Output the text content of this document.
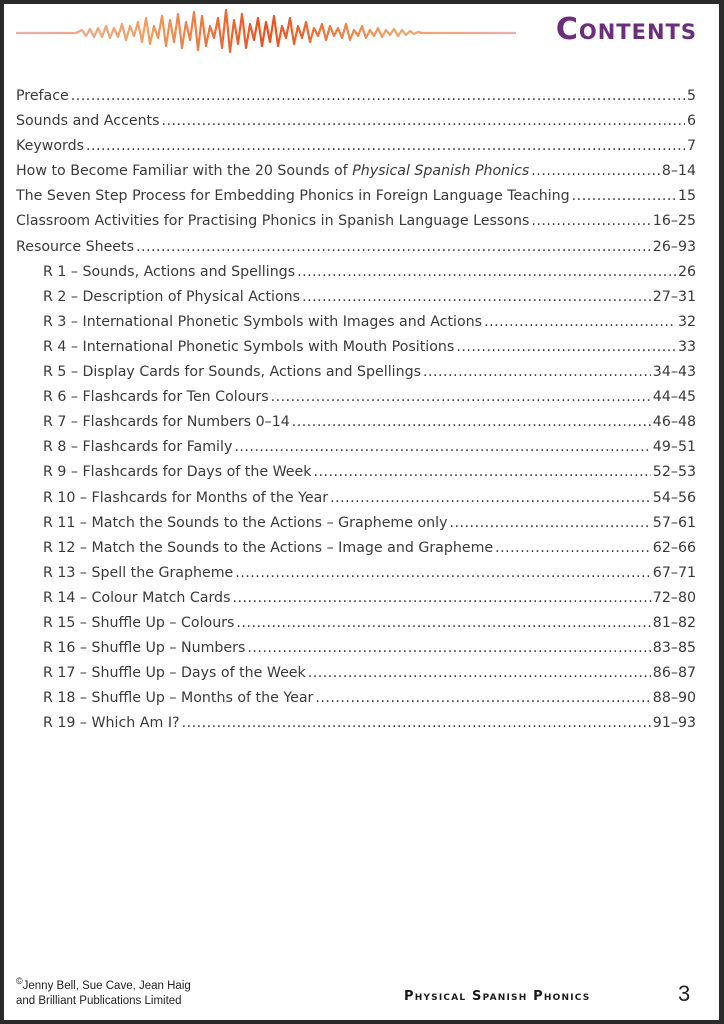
Contents
Preface .....	5
Sounds and Accents .....	6
Keywords .....	7
How to Become Familiar with the 20 Sounds of Physical Spanish Phonics .....	8–14
The Seven Step Process for Embedding Phonics in Foreign Language Teaching .....	15
Classroom Activities for Practising Phonics in Spanish Language Lessons .....	16–25
Resource Sheets .....	26–93
R 1 – Sounds, Actions and Spellings .....	26
R 2 – Description of Physical Actions .....	27–31
R 3 – International Phonetic Symbols with Images and Actions .....	32
R 4 – International Phonetic Symbols with Mouth Positions .....	33
R 5 – Display Cards for Sounds, Actions and Spellings .....	34–43
R 6 – Flashcards for Ten Colours .....	44–45
R 7 – Flashcards for Numbers 0–14 .....	46–48
R 8 – Flashcards for Family .....	49–51
R 9 – Flashcards for Days of the Week .....	52–53
R 10 – Flashcards for Months of the Year .....	54–56
R 11 – Match the Sounds to the Actions – Grapheme only .....	57–61
R 12 – Match the Sounds to the Actions – Image and Grapheme .....	62–66
R 13 – Spell the Grapheme .....	67–71
R 14 – Colour Match Cards .....	72–80
R 15 – Shuffle Up – Colours .....	81–82
R 16 – Shuffle Up – Numbers .....	83–85
R 17 – Shuffle Up – Days of the Week .....	86–87
R 18 – Shuffle Up – Months of the Year .....	88–90
R 19 – Which Am I? .....	91–93
©Jenny Bell, Sue Cave, Jean Haig
and Brilliant Publications Limited	Physical Spanish Phonics	3
